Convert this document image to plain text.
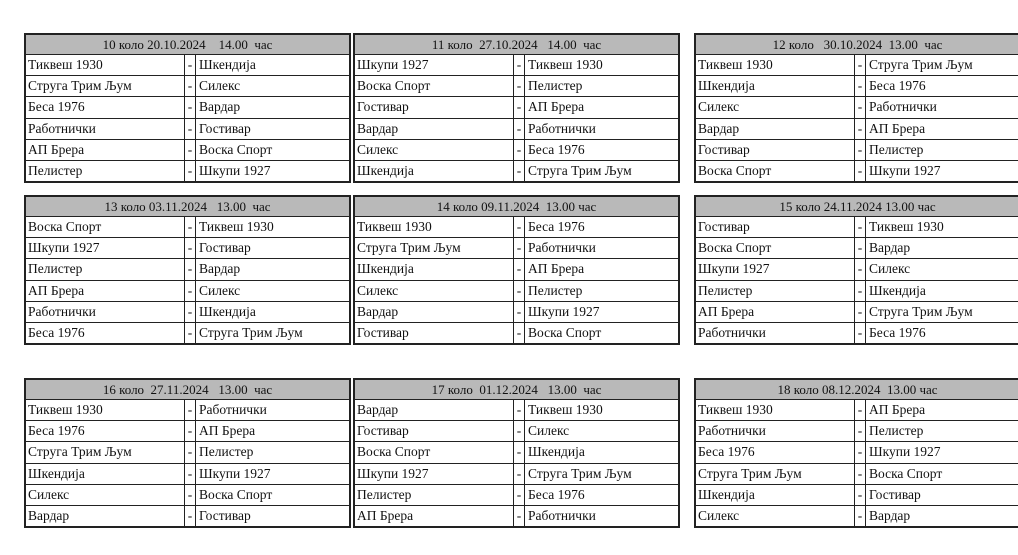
10 коло 20.10.2024    14.00  час
Тиквеш 1930	- Шкендија
Струга Трим Љум	- Силекс
Беса 1976	- Вардар
Работнички	- Гостивар
АП Брера	- Воска Спорт
Пелистер	- Шкупи 1927
11 коло  27.10.2024   14.00  час
Шкупи 1927	- Тиквеш 1930
Воска Спорт	- Пелистер
Гостивар	- АП Брера
Вардар	- Работнички
Силекс	- Беса 1976
Шкендија	- Струга Трим Љум
12 коло   30.10.2024  13.00  час
Тиквеш 1930	- Струга Трим Љум
Шкендија	- Беса 1976
Силекс	- Работнички
Вардар	- АП Брера
Гостивар	- Пелистер
Воска Спорт	- Шкупи 1927
13 коло 03.11.2024   13.00  час
Воска Спорт	- Тиквеш 1930
Шкупи 1927	- Гостивар
Пелистер	- Вардар
АП Брера	- Силекс
Работнички	- Шкендија
Беса 1976	- Струга Трим Љум
14 коло 09.11.2024  13.00 час
Тиквеш 1930	- Беса 1976
Струга Трим Љум	- Работнички
Шкендија	- АП Брера
Силекс	- Пелистер
Вардар	- Шкупи 1927
Гостивар	- Воска Спорт
15 коло 24.11.2024 13.00 час
Гостивар	- Тиквеш 1930
Воска Спорт	- Вардар
Шкупи 1927	- Силекс
Пелистер	- Шкендија
АП Брера	- Струга Трим Љум
Работнички	- Беса 1976
16 коло  27.11.2024   13.00  час
Тиквеш 1930	- Работнички
Беса 1976	- АП Брера
Струга Трим Љум	- Пелистер
Шкендија	- Шкупи 1927
Силекс	- Воска Спорт
Вардар	- Гостивар
17 коло  01.12.2024   13.00  час
Вардар	- Тиквеш 1930
Гостивар	- Силекс
Воска Спорт	- Шкендија
Шкупи 1927	- Струга Трим Љум
Пелистер	- Беса 1976
АП Брера	- Работнички
18 коло 08.12.2024  13.00 час
Тиквеш 1930	- АП Брера
Работнички	- Пелистер
Беса 1976	- Шкупи 1927
Струга Трим Љум	- Воска Спорт
Шкендија	- Гостивар
Силекс	- Вардар
